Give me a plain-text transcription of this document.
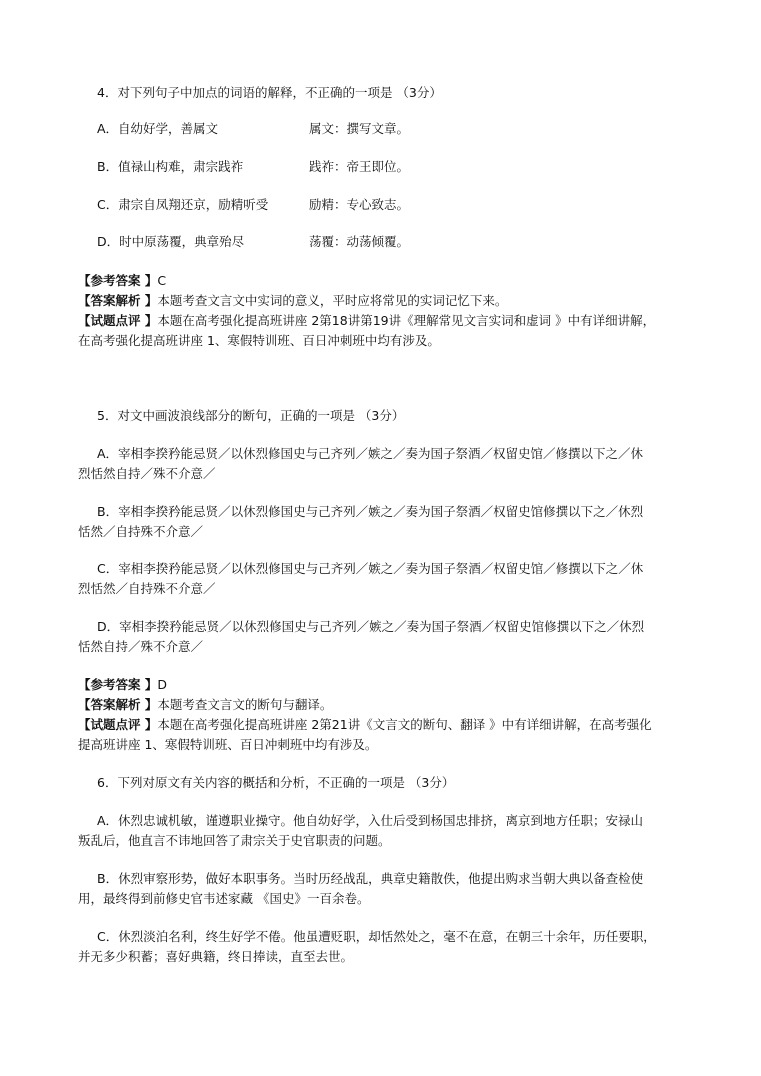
4．对下列句子中加点的词语的解释，不正确的一项是 （3分）
A．自幼好学，善属文	属文：撰写文章。
B．值禄山构难，肃宗践祚	践祚：帝王即位。
C．肃宗自凤翔还京，励精听受	励精：专心致志。
D．时中原荡覆，典章殆尽	荡覆：动荡倾覆。
【参考答案 】C
【答案解析 】本题考查文言文中实词的意义，平时应将常见的实词记忆下来。
【试题点评 】本题在高考强化提高班讲座 2第18讲第19讲《理解常见文言实词和虚词 》中有详细讲解，
在高考强化提高班讲座 1、寒假特训班、百日冲刺班中均有涉及。
5．对文中画波浪线部分的断句，正确的一项是 （3分）
A．宰相李揆矜能忌贤／以休烈修国史与己齐列／嫉之／奏为国子祭酒／权留史馆／修撰以下之／休
烈恬然自持／殊不介意／
B．宰相李揆矜能忌贤／以休烈修国史与己齐列／嫉之／奏为国子祭酒／权留史馆修撰以下之／休烈
恬然／自持殊不介意／
C．宰相李揆矜能忌贤／以休烈修国史与己齐列／嫉之／奏为国子祭酒／权留史馆／修撰以下之／休
烈恬然／自持殊不介意／
D．宰相李揆矜能忌贤／以休烈修国史与己齐列／嫉之／奏为国子祭酒／权留史馆修撰以下之／休烈
恬然自持／殊不介意／
【参考答案 】D
【答案解析 】本题考查文言文的断句与翻译。
【试题点评 】本题在高考强化提高班讲座 2第21讲《文言文的断句、翻译 》中有详细讲解，在高考强化
提高班讲座 1、寒假特训班、百日冲刺班中均有涉及。
6．下列对原文有关内容的概括和分析，不正确的一项是 （3分）
A．休烈忠诚机敏，谨遵职业操守。他自幼好学，入仕后受到杨国忠排挤，离京到地方任职；安禄山
叛乱后，他直言不讳地回答了肃宗关于史官职责的问题。
B．休烈审察形势，做好本职事务。当时历经战乱，典章史籍散佚，他提出购求当朝大典以备查检使
用，最终得到前修史官韦述家藏 《国史》一百余卷。
C．休烈淡泊名利，终生好学不倦。他虽遭贬职，却恬然处之，毫不在意，在朝三十余年，历任要职，
并无多少积蓄；喜好典籍，终日捧读，直至去世。
